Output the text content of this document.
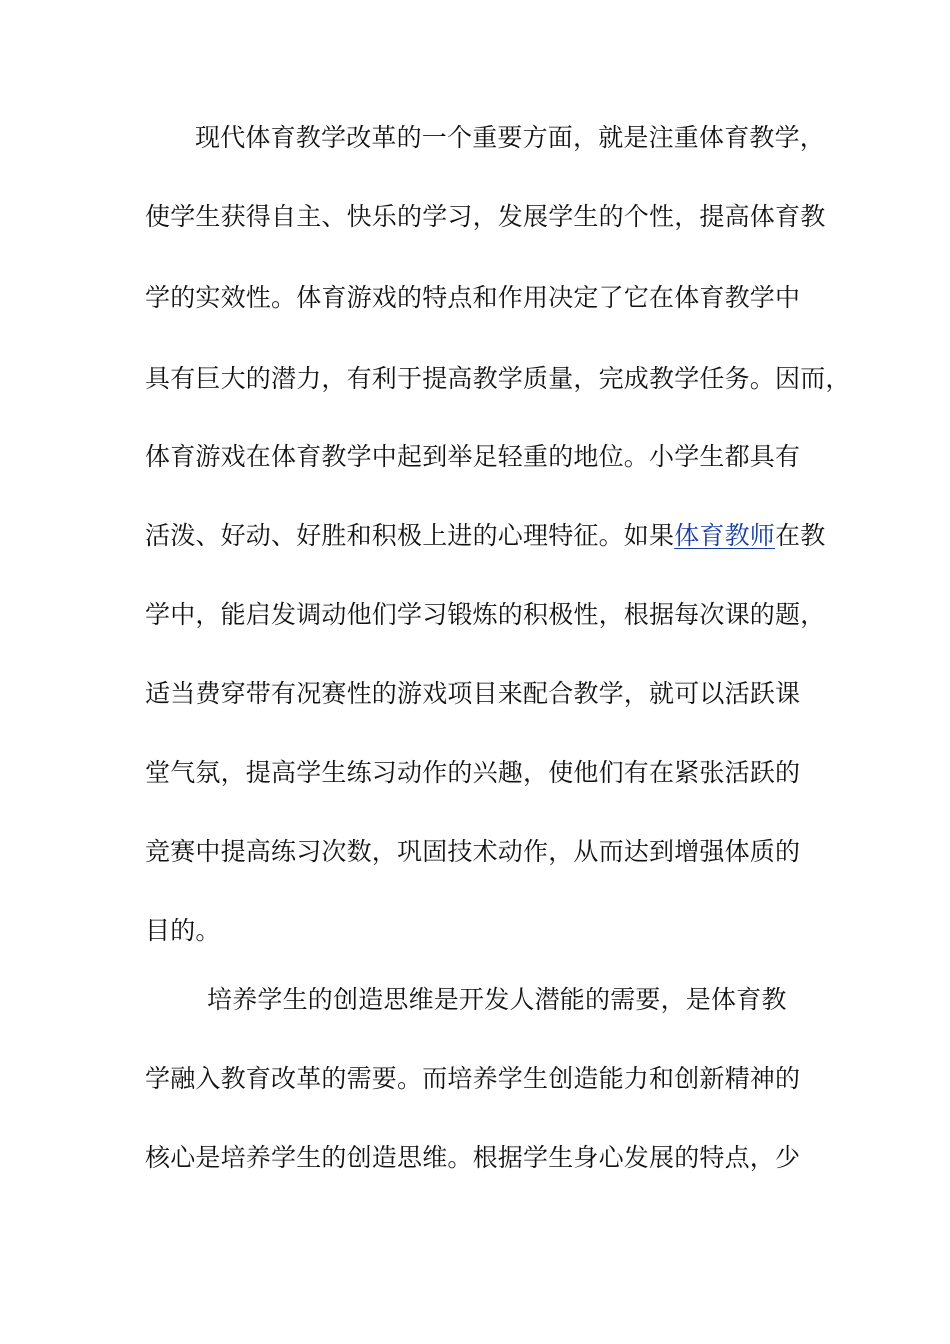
现代体育教学改革的一个重要方面，就是注重体育教学，
使学生获得自主、快乐的学习，发展学生的个性，提高体育教
学的实效性。体育游戏的特点和作用决定了它在体育教学中
具有巨大的潜力，有利于提高教学质量，完成教学任务。因而，
体育游戏在体育教学中起到举足轻重的地位。小学生都具有
活泼、好动、好胜和积极上进的心理特征。如果体育教师在教
学中，能启发调动他们学习锻炼的积极性，根据每次课的题，
适当费穿带有况赛性的游戏项目来配合教学，就可以活跃课
堂气氛，提高学生练习动作的兴趣，使他们有在紧张活跃的
竞赛中提高练习次数，巩固技术动作，从而达到增强体质的
目的。
培养学生的创造思维是开发人潜能的需要，是体育教
学融入教育改革的需要。而培养学生创造能力和创新精神的
核心是培养学生的创造思维。根据学生身心发展的特点，少
